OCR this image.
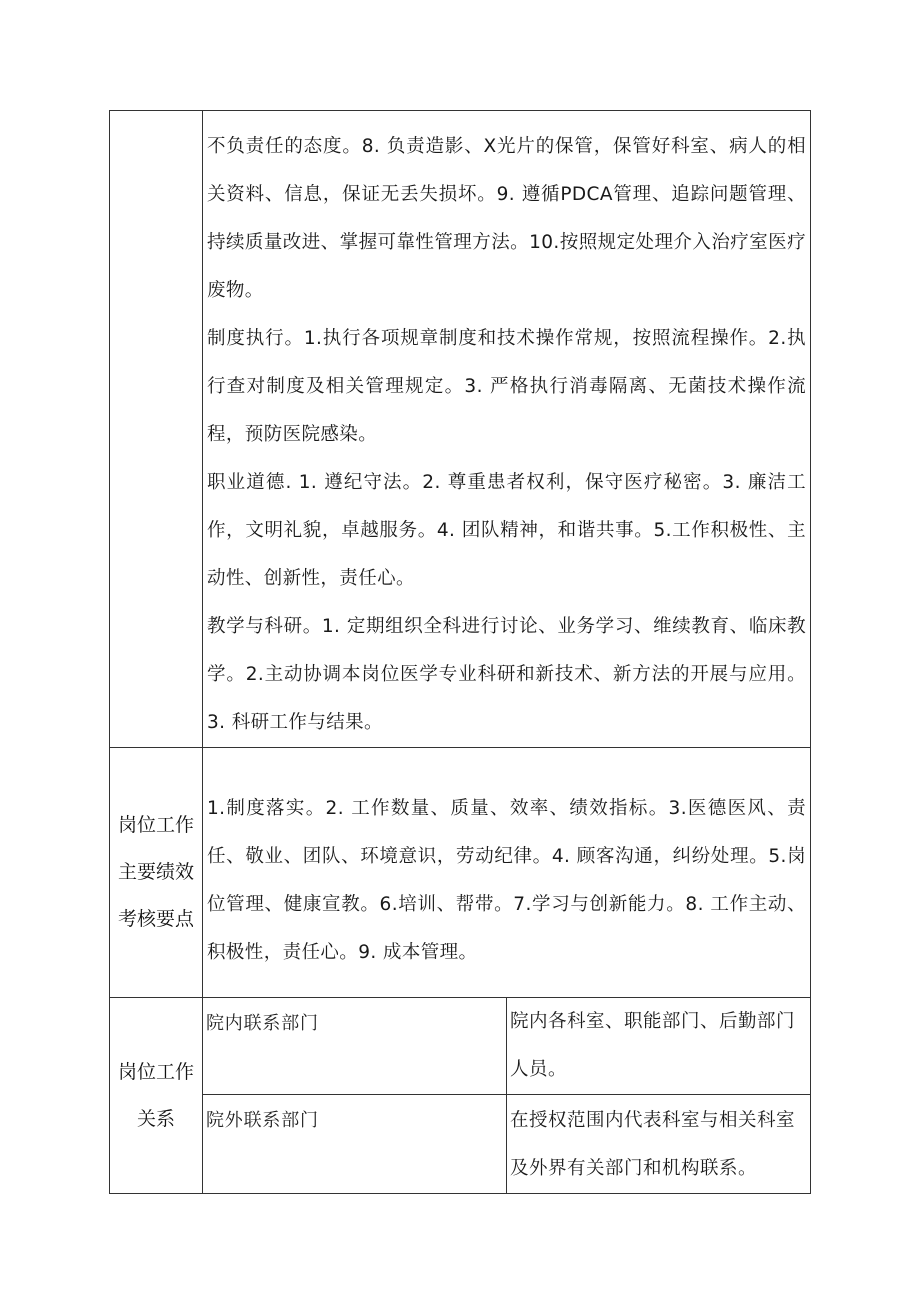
	不负责任的态度。8. 负责造影、X光片的保管，保管好科室、病人的相关资料、信息，保证无丢失损坏。9. 遵循PDCA管理、追踪问题管理、持续质量改进、掌握可靠性管理方法。10.按照规定处理介入治疗室医疗废物。

制度执行。1.执行各项规章制度和技术操作常规，按照流程操作。2.执行查对制度及相关管理规定。3. 严格执行消毒隔离、无菌技术操作流程，预防医院感染。

职业道德. 1. 遵纪守法。2. 尊重患者权利，保守医疗秘密。3. 廉洁工作，文明礼貌，卓越服务。4. 团队精神，和谐共事。5.工作积极性、主动性、创新性，责任心。

教学与科研。1. 定期组织全科进行讨论、业务学习、维续教育、临床教学。2.主动协调本岗位医学专业科研和新技术、新方法的开展与应用。3. 科研工作与结果。	

岗位工作主要绩效考核要点	1.制度落实。2. 工作数量、质量、效率、绩效指标。3.医德医风、责任、敬业、团队、环境意识，劳动纪律。4. 顾客沟通，纠纷处理。5.岗位管理、健康宣教。6.培训、帮带。7.学习与创新能力。8. 工作主动、积极性，责任心。9. 成本管理。	

岗位工作关系	院内联系部门	院内各科室、职能部门、后勤部门人员。
	院外联系部门	在授权范围内代表科室与相关科室及外界有关部门和机构联系。
